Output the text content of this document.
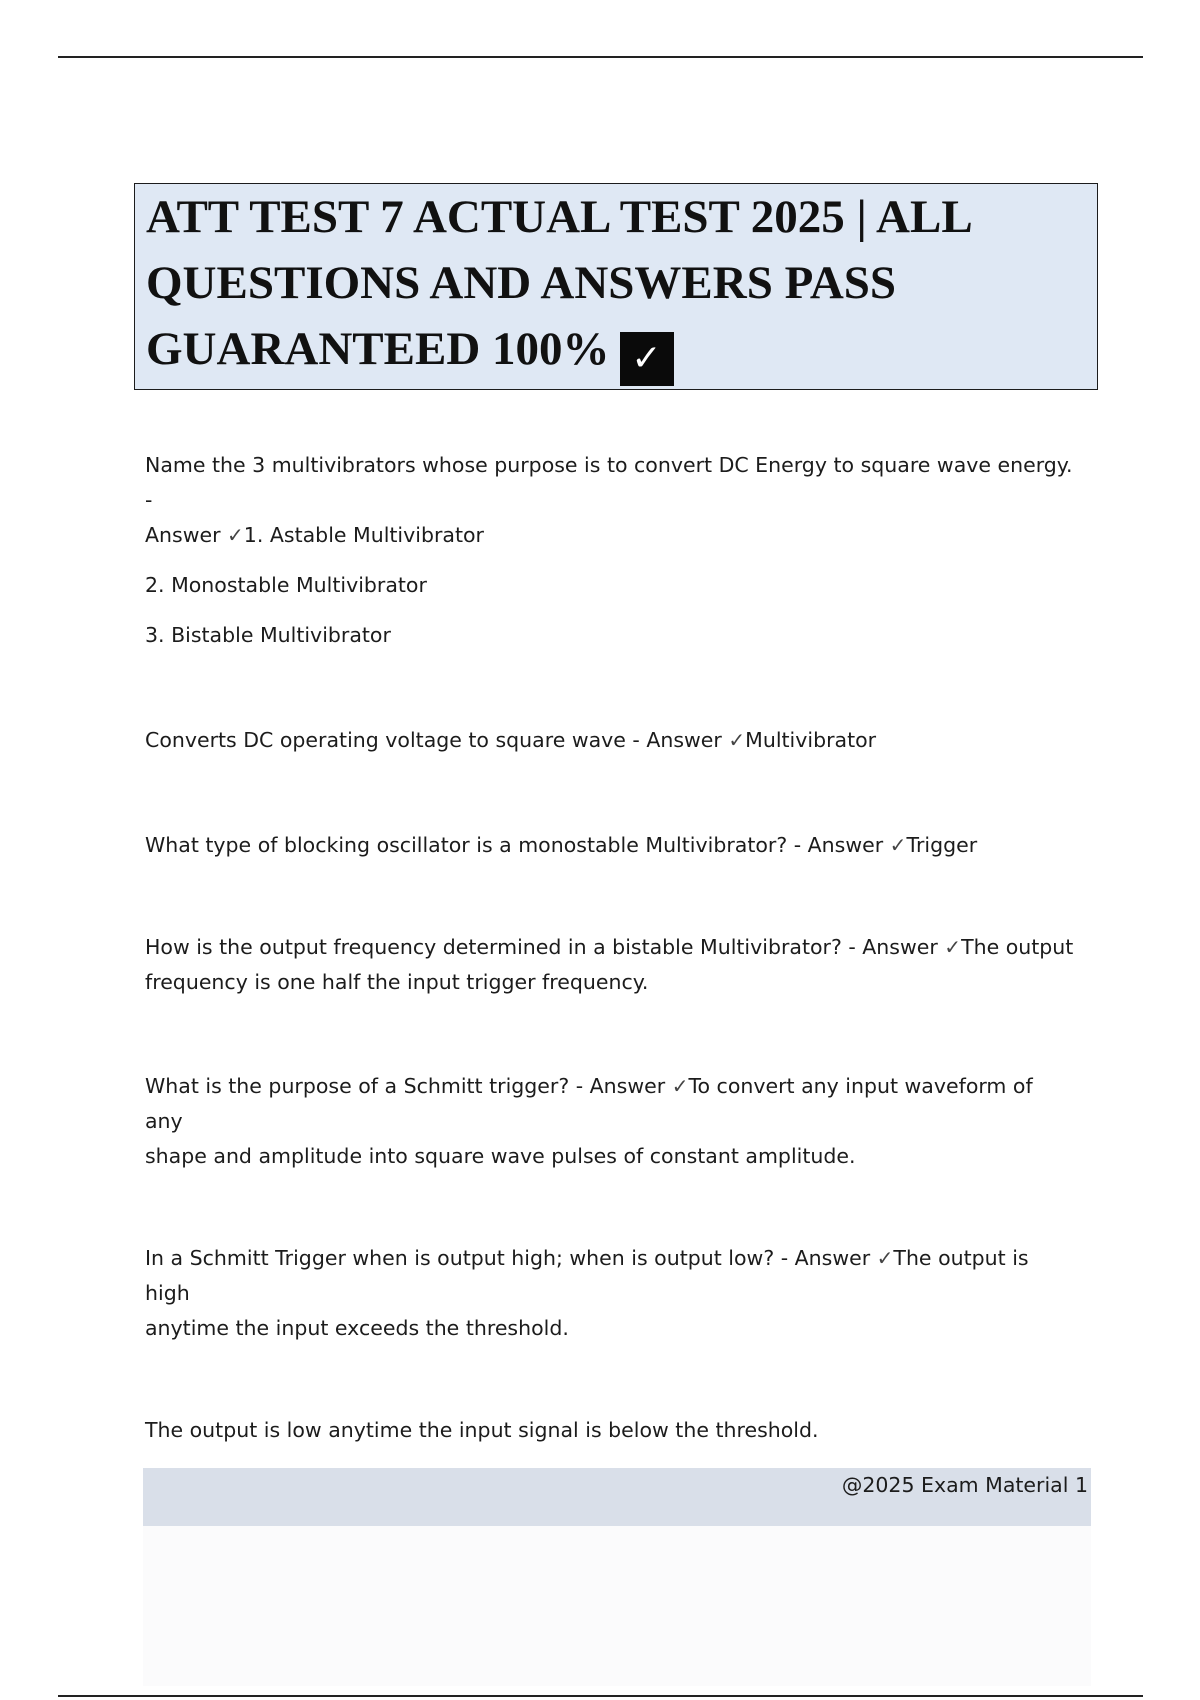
ATT TEST 7 ACTUAL TEST 2025 | ALL
QUESTIONS AND ANSWERS PASS
GUARANTEED 100% ✓

Name the 3 multivibrators whose purpose is to convert DC Energy to square wave energy. -
Answer ✓1. Astable Multivibrator

2. Monostable Multivibrator

3. Bistable Multivibrator

Converts DC operating voltage to square wave - Answer ✓Multivibrator

What type of blocking oscillator is a monostable Multivibrator? - Answer ✓Trigger

How is the output frequency determined in a bistable Multivibrator? - Answer ✓The output
frequency is one half the input trigger frequency.

What is the purpose of a Schmitt trigger? - Answer ✓To convert any input waveform of any
shape and amplitude into square wave pulses of constant amplitude.

In a Schmitt Trigger when is output high; when is output low? - Answer ✓The output is high
anytime the input exceeds the threshold.

The output is low anytime the input signal is below the threshold.

@2025 Exam Material 1
